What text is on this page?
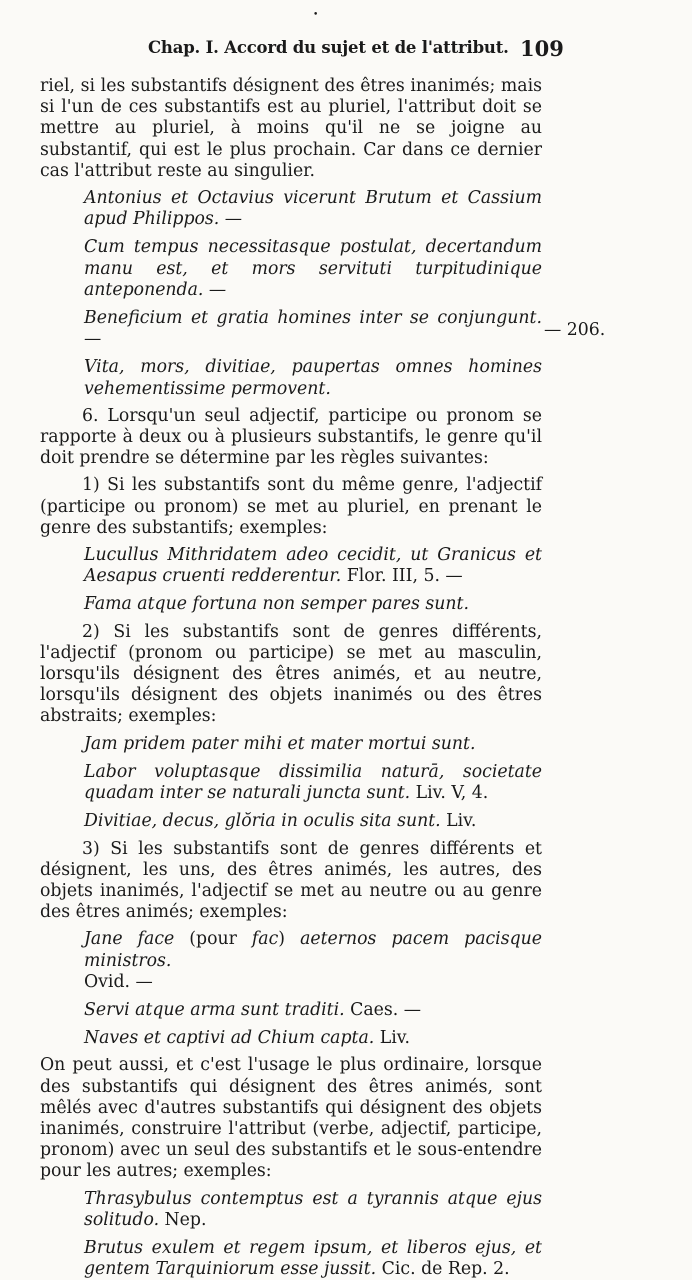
•
Chap. I. Accord du sujet et de l'attribut. 109
— 206.

riel, si les substantifs désignent des êtres inanimés; mais si l'un de ces substantifs est au pluriel, l'attribut doit se mettre au pluriel, à moins qu'il ne se joigne au substantif, qui est le plus prochain. Car dans ce dernier cas l'attribut reste au singulier.

Antonius et Octavius vicerunt Brutum et Cassium apud Philippos. —

Cum tempus necessitasque postulat, decertandum manu est, et mors servituti turpitudinique anteponenda. —

Beneficium et gratia homines inter se conjungunt. —

Vita, mors, divitiae, paupertas omnes homines vehementissime permovent.

6. Lorsqu'un seul adjectif, participe ou pronom se rapporte à deux ou à plusieurs substantifs, le genre qu'il doit prendre se détermine par les règles suivantes:

1) Si les substantifs sont du même genre, l'adjectif (participe ou pronom) se met au pluriel, en prenant le genre des substantifs; exemples:

Lucullus Mithridatem adeo cecidit, ut Granicus et Aesapus cruenti redderentur. Flor. III, 5. —

Fama atque fortuna non semper pares sunt.

2) Si les substantifs sont de genres différents, l'adjectif (pronom ou participe) se met au masculin, lorsqu'ils désignent des êtres animés, et au neutre, lorsqu'ils désignent des objets inanimés ou des êtres abstraits; exemples:

Jam pridem pater mihi et mater mortui sunt.

Labor voluptasque dissimilia naturā, societate quadam inter se naturali juncta sunt. Liv. V, 4.

Divitiae, decus, glŏria in oculis sita sunt. Liv.

3) Si les substantifs sont de genres différents et désignent, les uns, des êtres animés, les autres, des objets inanimés, l'adjectif se met au neutre ou au genre des êtres animés; exemples:

Jane face (pour fac) aeternos pacem pacisque ministros.
Ovid. —

Servi atque arma sunt traditi. Caes. —

Naves et captivi ad Chium capta. Liv.

On peut aussi, et c'est l'usage le plus ordinaire, lorsque des substantifs qui désignent des êtres animés, sont mêlés avec d'autres substantifs qui désignent des objets inanimés, construire l'attribut (verbe, adjectif, participe, pronom) avec un seul des substantifs et le sous-entendre pour les autres; exemples:

Thrasybulus contemptus est a tyrannis atque ejus solitudo. Nep.

Brutus exulem et regem ipsum, et liberos ejus, et gentem Tarquiniorum esse jussit. Cic. de Rep. 2.
